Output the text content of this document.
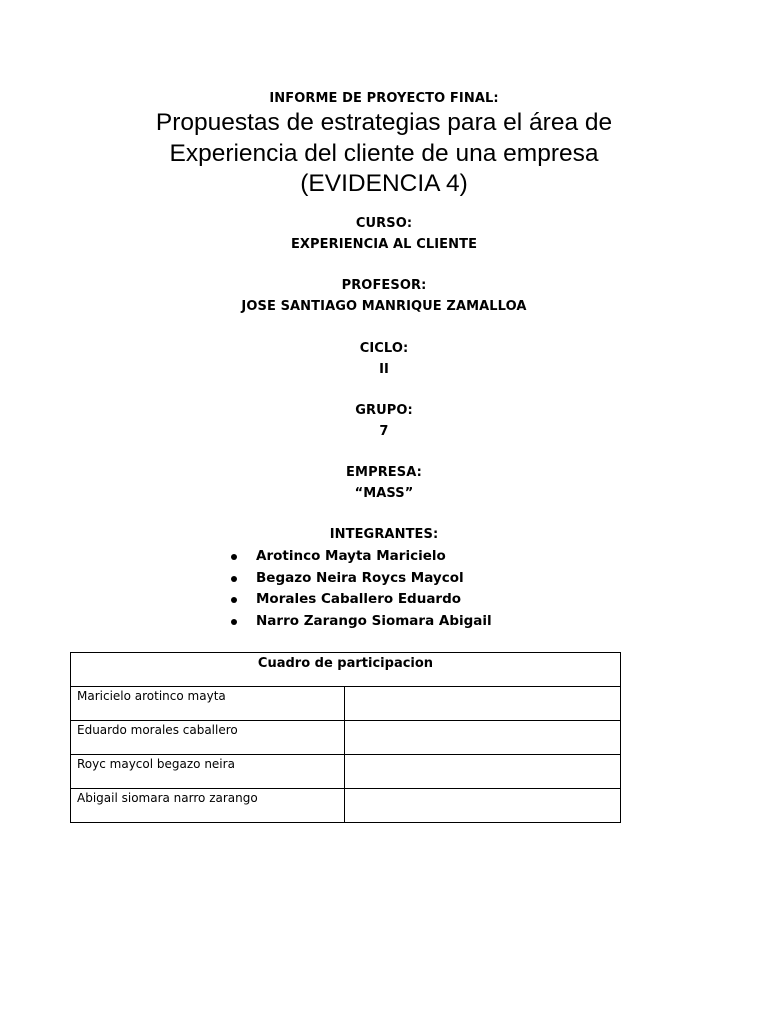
INFORME DE PROYECTO FINAL:
Propuestas de estrategias para el área de
Experiencia del cliente de una empresa
(EVIDENCIA 4)
CURSO:
EXPERIENCIA AL CLIENTE
PROFESOR:
JOSE SANTIAGO MANRIQUE ZAMALLOA
CICLO:
II
GRUPO:
7
EMPRESA:
“MASS”
INTEGRANTES:
Arotinco Mayta Maricielo
Begazo Neira Roycs Maycol
Morales Caballero Eduardo
Narro Zarango Siomara Abigail
Cuadro de participacion	
Maricielo arotinco mayta	
Eduardo morales caballero	
Royc maycol begazo neira	
Abigail siomara narro zarango	
